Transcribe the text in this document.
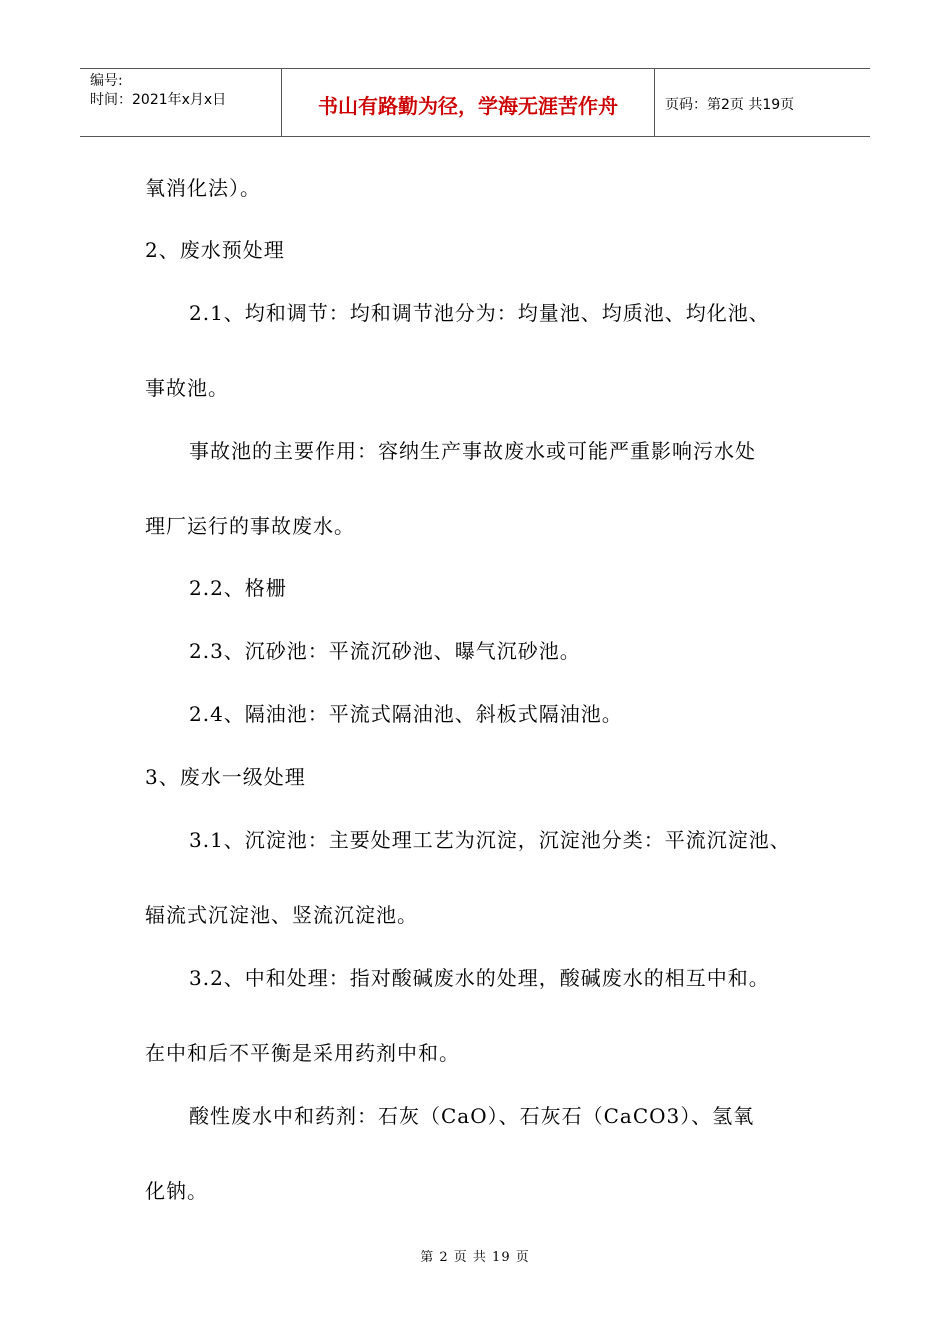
编号:
时间：2021年x月x日	书山有路勤为径，学海无涯苦作舟	页码：第2页 共19页
氧消化法）。
2、废水预处理
2.1、均和调节：均和调节池分为：均量池、均质池、均化池、
事故池。
事故池的主要作用：容纳生产事故废水或可能严重影响污水处
理厂运行的事故废水。
2.2、格栅
2.3、沉砂池：平流沉砂池、曝气沉砂池。
2.4、隔油池：平流式隔油池、斜板式隔油池。
3、废水一级处理
3.1、沉淀池：主要处理工艺为沉淀，沉淀池分类：平流沉淀池、
辐流式沉淀池、竖流沉淀池。
3.2、中和处理：指对酸碱废水的处理，酸碱废水的相互中和。
在中和后不平衡是采用药剂中和。
酸性废水中和药剂：石灰（CaO）、石灰石（CaCO3）、氢氧
化钠。
第 2 页 共 19 页
